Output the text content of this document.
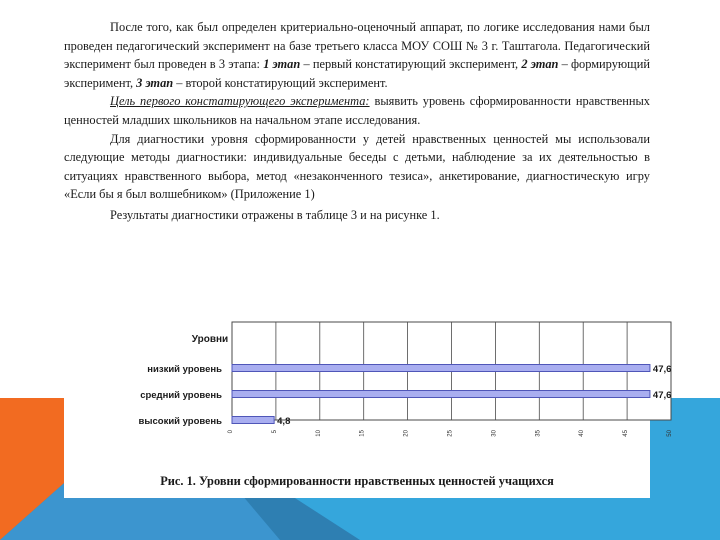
После того, как был определен критериально-оценочный аппарат, по логике исследования нами был проведен педагогический эксперимент на базе третьего класса МОУ СОШ № 3 г. Таштагола. Педагогический эксперимент был проведен в 3 этапа: 1 этап – первый констатирующий эксперимент, 2 этап – формирующий эксперимент, 3 этап – второй констатирующий эксперимент.

Цель первого констатирующего эксперимента: выявить уровень сформированности нравственных ценностей младших школьников на начальном этапе исследования.

Для диагностики уровня сформированности у детей нравственных ценностей мы использовали следующие методы диагностики: индивидуальные беседы с детьми, наблюдение за их деятельностью в ситуациях нравственного выбора, метод «незаконченного тезиса», анкетирование, диагностическую игру «Если бы я был волшебником» (Приложение 1)

Результаты диагностики отражены в таблице 3 и на рисунке 1.

Уровни
0	5	10	15	20	25	30	35	40	45	50
низкий уровень	47,6
средний уровень	47,6
высокий уровень	4,8
Рис. 1. Уровни сформированности нравственных ценностей учащихся
